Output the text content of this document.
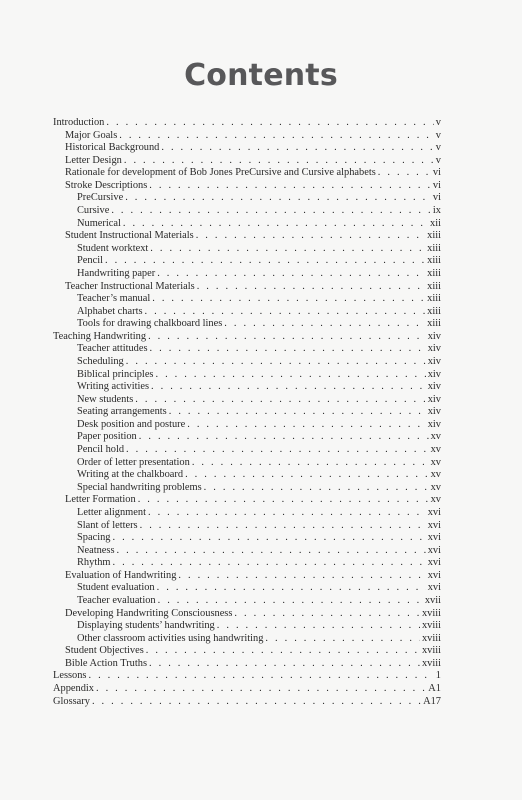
Contents
Introduction . . .	v
Major Goals . . .	v
Historical Background . . .	v
Letter Design . . .	v
Rationale for development of Bob Jones PreCursive and Cursive alphabets . . .	vi
Stroke Descriptions . . .	vi
PreCursive . . .	vi
Cursive . . .	ix
Numerical . . .	xii
Student Instructional Materials . . .	xiii
Student worktext . . .	xiii
Pencil . . .	xiii
Handwriting paper . . .	xiii
Teacher Instructional Materials . . .	xiii
Teacher’s manual . . .	xiii
Alphabet charts . . .	xiii
Tools for drawing chalkboard lines . . .	xiii
Teaching Handwriting . . .	xiv
Teacher attitudes . . .	xiv
Scheduling . . .	xiv
Biblical principles . . .	xiv
Writing activities . . .	xiv
New students . . .	xiv
Seating arrangements . . .	xiv
Desk position and posture . . .	xiv
Paper position . . .	xv
Pencil hold . . .	xv
Order of letter presentation . . .	xv
Writing at the chalkboard . . .	xv
Special handwriting problems . . .	xv
Letter Formation . . .	xv
Letter alignment . . .	xvi
Slant of letters . . .	xvi
Spacing . . .	xvi
Neatness . . .	xvi
Rhythm . . .	xvi
Evaluation of Handwriting . . .	xvi
Student evaluation . . .	xvi
Teacher evaluation . . .	xvii
Developing Handwriting Consciousness . . .	xviii
Displaying students’ handwriting . . .	xviii
Other classroom activities using handwriting . . .	xviii
Student Objectives . . .	xviii
Bible Action Truths . . .	xviii
Lessons . . .	1
Appendix . . .	A1
Glossary . . .	A17
